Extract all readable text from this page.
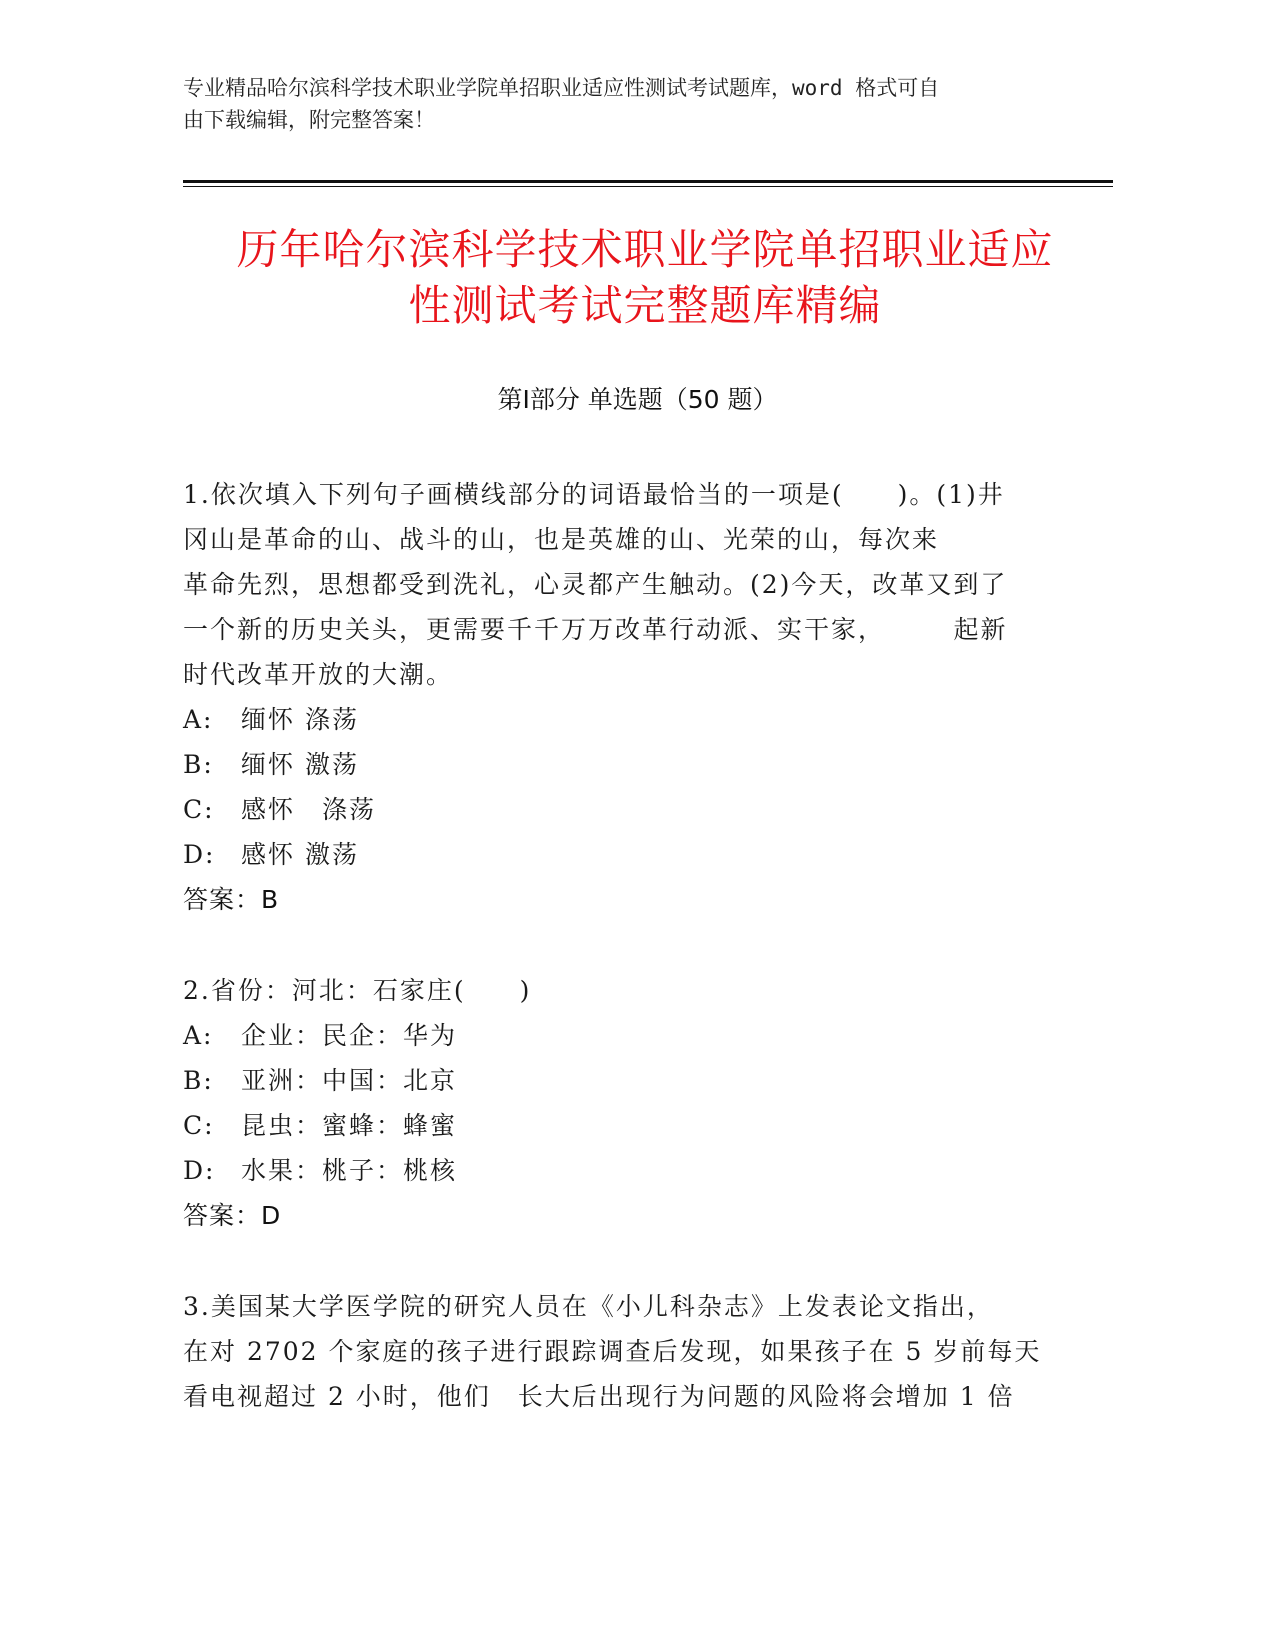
专业精品哈尔滨科学技术职业学院单招职业适应性测试考试题库，word 格式可自
由下载编辑，附完整答案！
历年哈尔滨科学技术职业学院单招职业适应
性测试考试完整题库精编
第Ⅰ部分 单选题（50 题）
1.依次填入下列句子画横线部分的词语最恰当的一项是(　　)。(1)井
冈山是革命的山、战斗的山，也是英雄的山、光荣的山，每次来
革命先烈，思想都受到洗礼，心灵都产生触动。(2)今天，改革又到了
一个新的历史关头，更需要千千万万改革行动派、实干家，　　　起新
时代改革开放的大潮。
A: 缅怀 涤荡
B: 缅怀 激荡
C: 感怀　涤荡
D: 感怀 激荡
答案：B
2.省份：河北：石家庄(　　)
A: 企业：民企：华为
B: 亚洲：中国：北京
C: 昆虫：蜜蜂：蜂蜜
D: 水果：桃子：桃核
答案：D
3.美国某大学医学院的研究人员在《小儿科杂志》上发表论文指出，
在对 2702 个家庭的孩子进行跟踪调查后发现，如果孩子在 5 岁前每天
看电视超过 2 小时，他们　长大后出现行为问题的风险将会增加 1 倍
